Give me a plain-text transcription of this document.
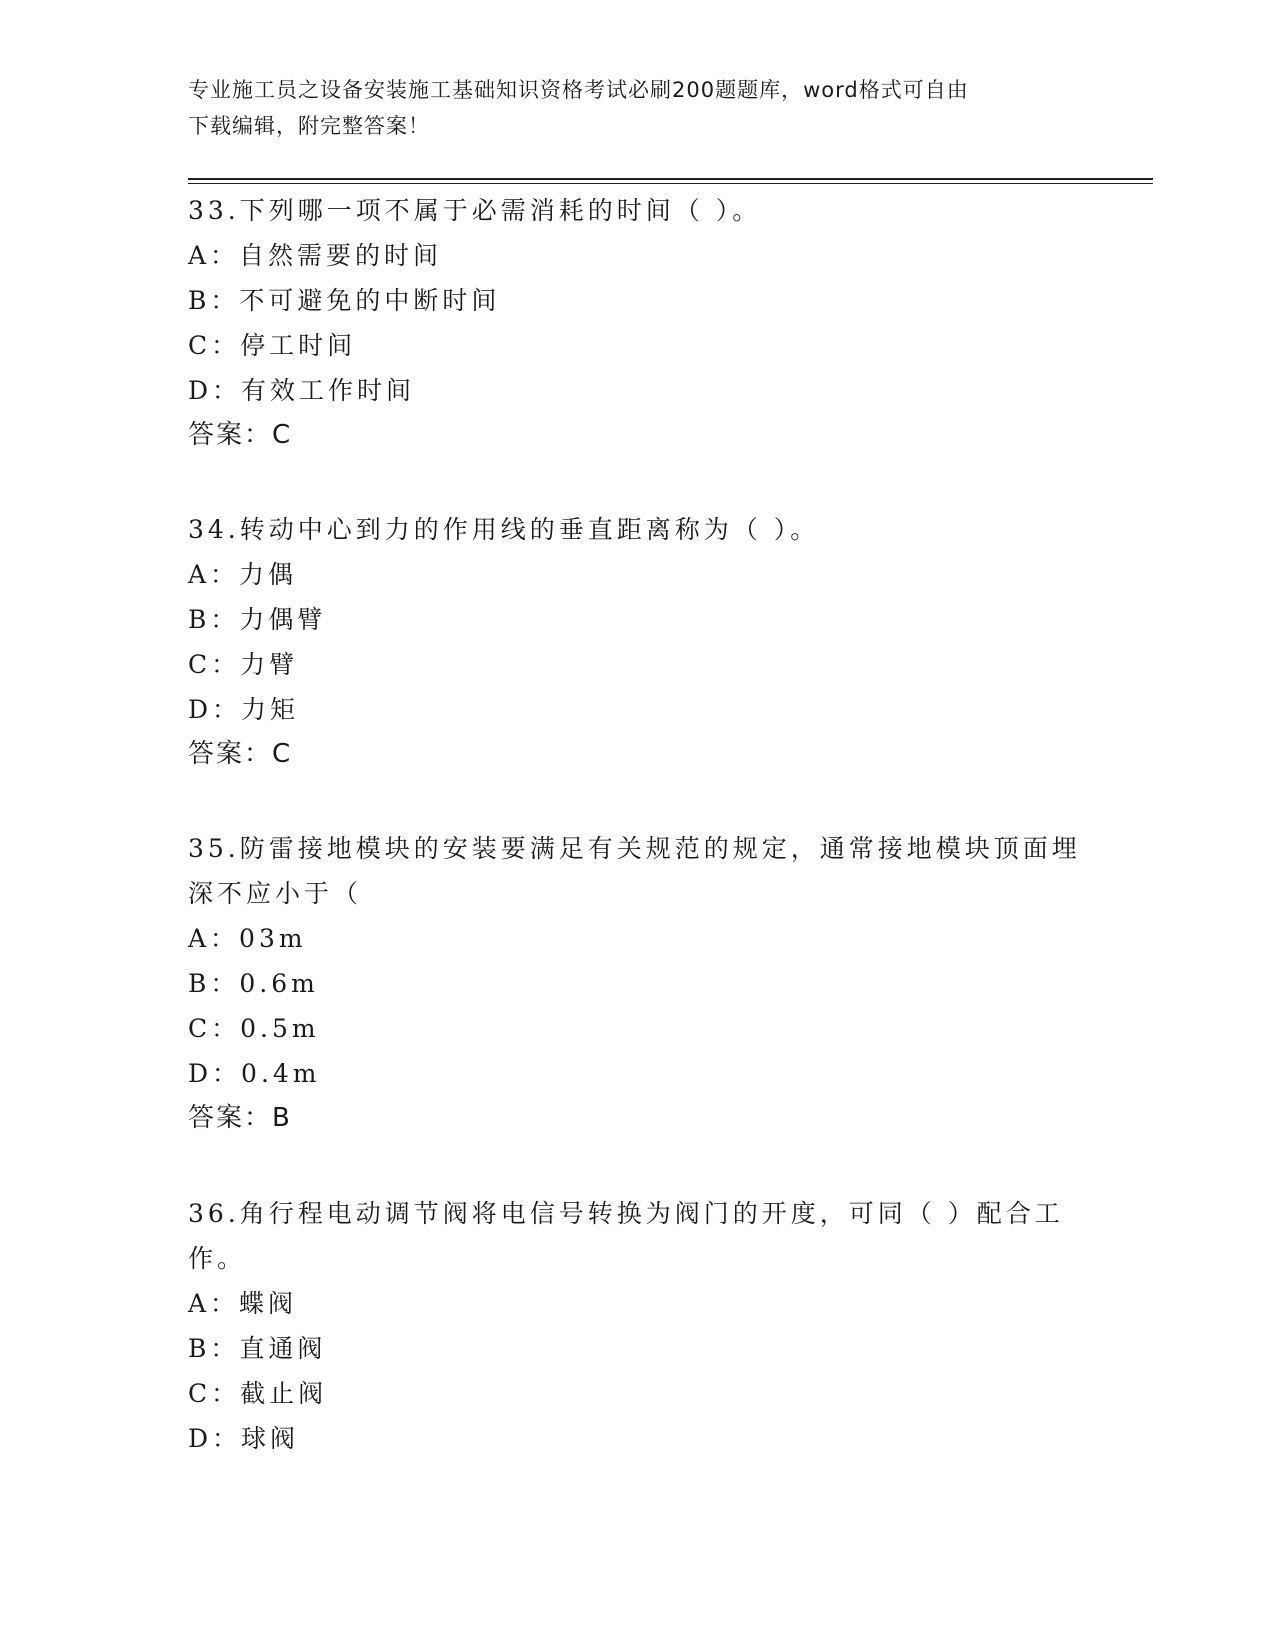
专业施工员之设备安装施工基础知识资格考试必刷200题题库，word格式可自由
下载编辑，附完整答案！
33.下列哪一项不属于必需消耗的时间（ ）。
A：自然需要的时间
B：不可避免的中断时间
C：停工时间
D：有效工作时间
答案：C
34.转动中心到力的作用线的垂直距离称为（ ）。
A：力偶
B：力偶臂
C：力臂
D：力矩
答案：C
35.防雷接地模块的安装要满足有关规范的规定，通常接地模块顶面埋
深不应小于（
A：03m
B：0.6m
C：0.5m
D：0.4m
答案：B
36.角行程电动调节阀将电信号转换为阀门的开度，可同（ ）配合工
作。
A：蝶阀
B：直通阀
C：截止阀
D：球阀
